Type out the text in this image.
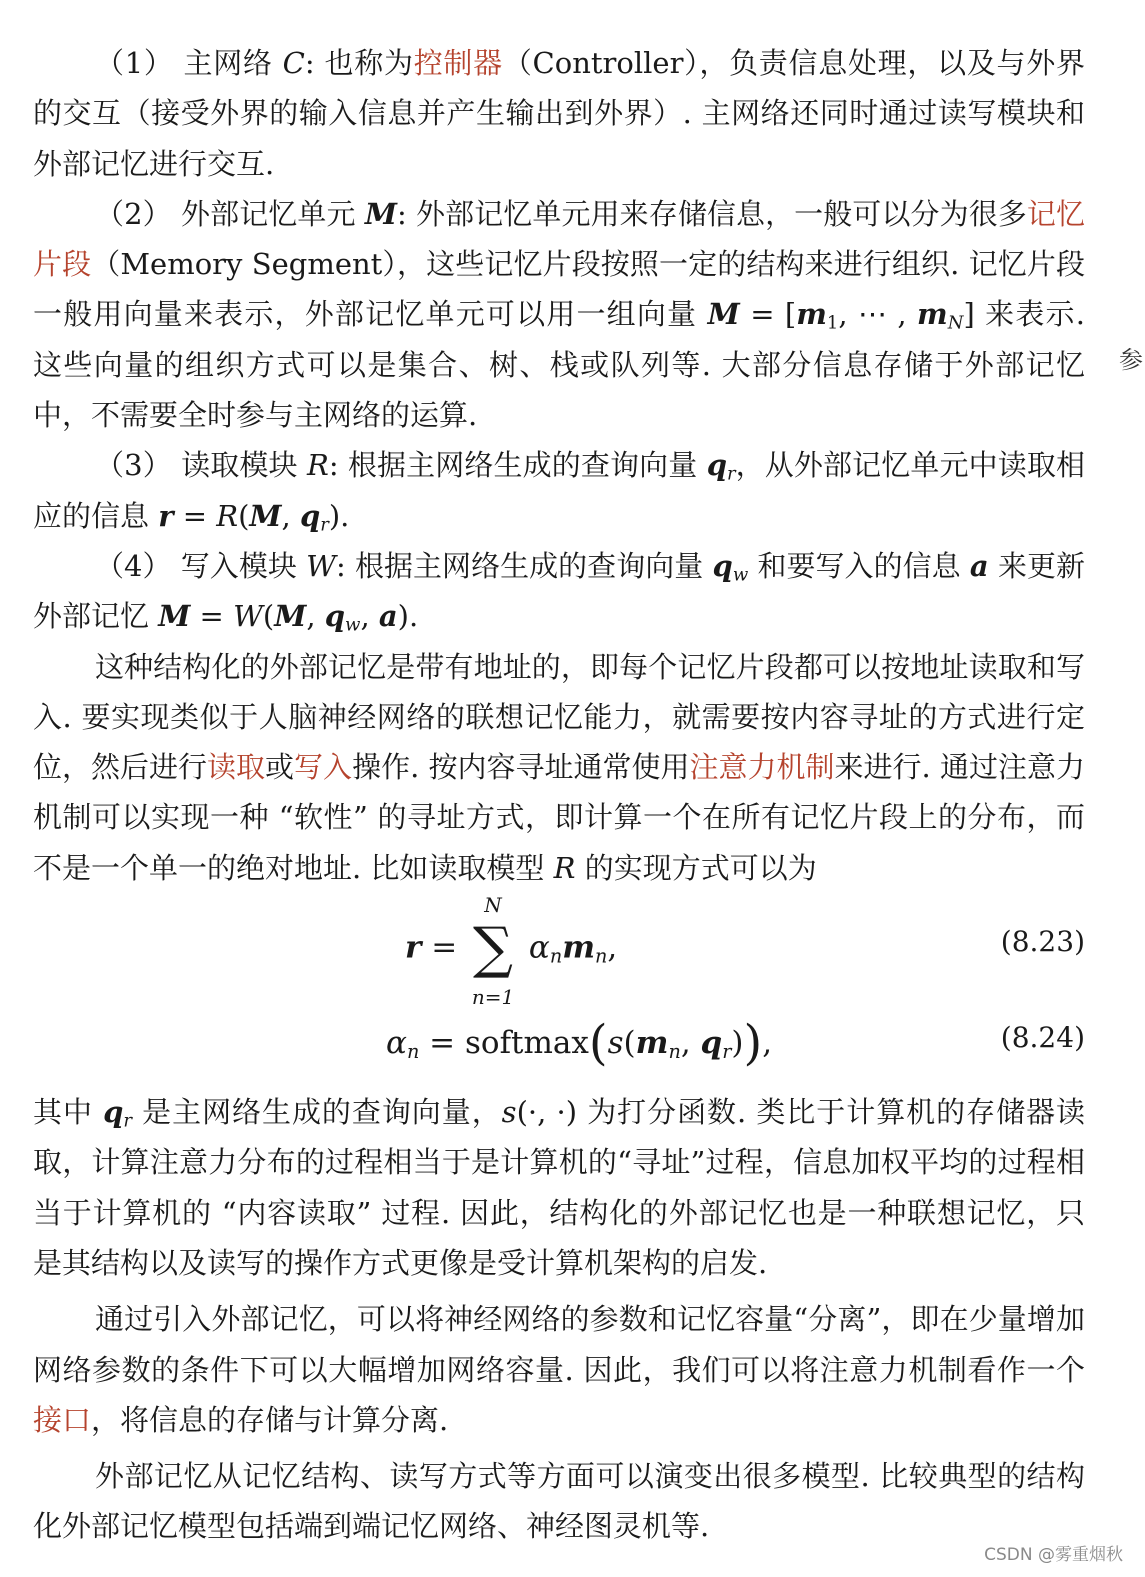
（1） 主网络 C: 也称为控制器（Controller），负责信息处理，以及与外界的交互（接受外界的输入信息并产生输出到外界）. 主网络还同时通过读写模块和外部记忆进行交互.

（2） 外部记忆单元 M: 外部记忆单元用来存储信息，一般可以分为很多记忆片段（Memory Segment），这些记忆片段按照一定的结构来进行组织. 记忆片段一般用向量来表示，外部记忆单元可以用一组向量 $M = [m_1$, ⋯ , $m_N$] 来表示. 这些向量的组织方式可以是集合、树、栈或队列等. 大部分信息存储于外部记忆中，不需要全时参与主网络的运算.

（3） 读取模块 R: 根据主网络生成的查询向量 $q_r$，从外部记忆单元中读取相应的信息 r = R(M, $q_r$).

（4） 写入模块 W: 根据主网络生成的查询向量 $q_w$ 和要写入的信息 a 来更新外部记忆 M = W(M, $q_w$, a).

这种结构化的外部记忆是带有地址的，即每个记忆片段都可以按地址读取和写入. 要实现类似于人脑神经网络的联想记忆能力，就需要按内容寻址的方式进行定位，然后进行读取或写入操作. 按内容寻址通常使用注意力机制来进行. 通过注意力机制可以实现一种 “软性” 的寻址方式，即计算一个在所有记忆片段上的分布，而不是一个单一的绝对地址. 比如读取模型 R 的实现方式可以为

r =
N
∑
n=1
$\alpha_nm_n$,	(8.23)
$\alpha_n$ = $softmax(s(m_n$, $q_r$)),	(8.24)

其中 $q_r$ 是主网络生成的查询向量，s(·, ·) 为打分函数. 类比于计算机的存储器读取，计算注意力分布的过程相当于是计算机的“寻址”过程，信息加权平均的过程相当于计算机的 “内容读取” 过程. 因此，结构化的外部记忆也是一种联想记忆，只是其结构以及读写的操作方式更像是受计算机架构的启发.

通过引入外部记忆，可以将神经网络的参数和记忆容量“分离”，即在少量增加网络参数的条件下可以大幅增加网络容量. 因此，我们可以将注意力机制看作一个接口，将信息的存储与计算分离.

外部记忆从记忆结构、读写方式等方面可以演变出很多模型. 比较典型的结构化外部记忆模型包括端到端记忆网络、神经图灵机等.

参
CSDN @雾重烟秋
